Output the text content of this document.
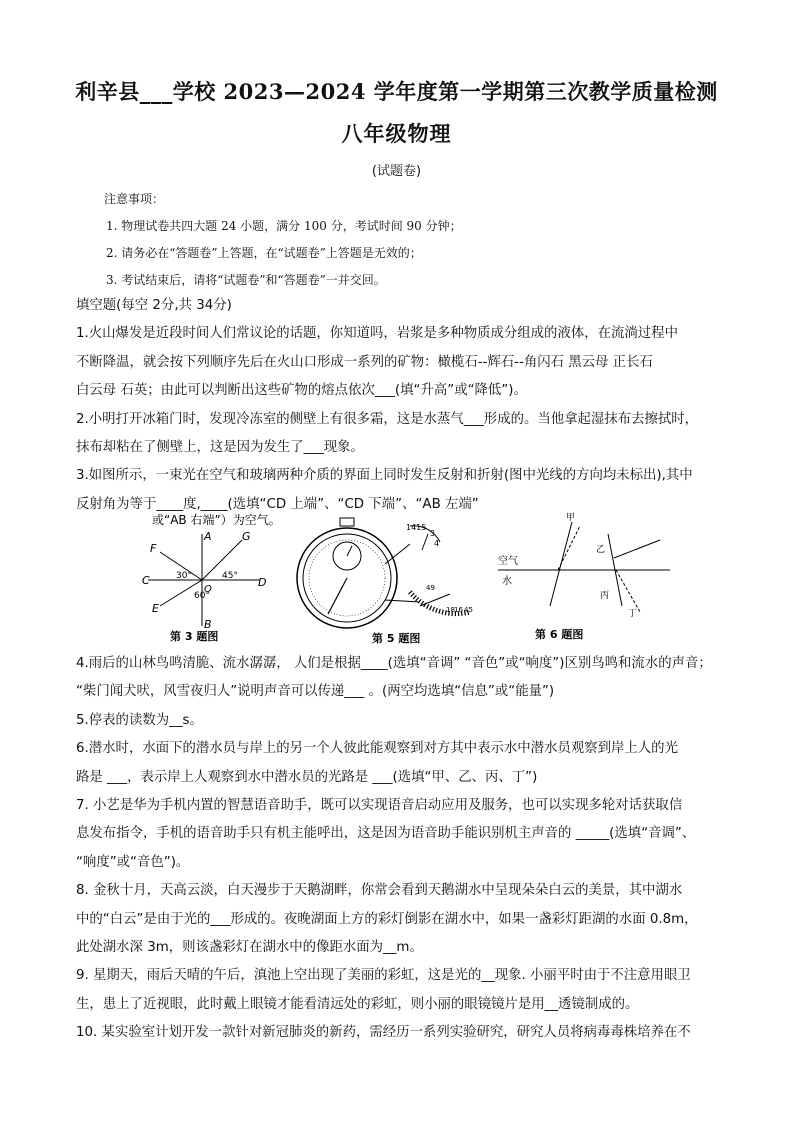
利辛县___学校 2023—2024 学年度第一学期第三次教学质量检测
八年级物理
(试题卷)
注意事项：
1. 物理试卷共四大题 24 小题，满分 100 分，考试时间 90 分钟；
2. 请务必在“答题卷”上答题，在“试题卷”上答题是无效的；
3. 考试结束后，请将“试题卷”和“答题卷”一并交回。
填空题(每空 2分,共 34分)
1.火山爆发是近段时间人们常议论的话题，你知道吗，岩浆是多种物质成分组成的液体，在流淌过程中
不断降温，就会按下列顺序先后在火山口形成一系列的矿物：橄榄石--辉石--角闪石 黑云母 正长石
白云母 石英；由此可以判断出这些矿物的熔点依次___(填“升高”或“降低”)。
2.小明打开冰箱门时，发现冷冻室的侧壁上有很多霜，这是水蒸气___形成的。当他拿起湿抹布去擦拭时，
抹布却粘在了侧壁上，这是因为发生了___现象。
3.如图所示，一束光在空气和玻璃两种介质的界面上同时发生反射和折射(图中光线的方向均未标出),其中
反射角为等于____度,____(选填“CD 上端”、“CD 下端”、“AB 左端”
或“AB 右端”）为空气。
F
A	G
C
O
D
E
B
30°	45°
60°
第 3 题图
1415
3
4
49
18 16 45
第 5 题图
空气
水
甲
乙
丙
丁
第 6 题图
4.雨后的山林鸟鸣清脆、流水潺潺， 人们是根据____(选填“音调” “音色”或“响度”)区别鸟鸣和流水的声音；
“柴门闻犬吠，风雪夜归人”说明声音可以传递___ 。(两空均选填“信息”或“能量”)
5.停表的读数为__s。
6.潜水时，水面下的潜水员与岸上的另一个人彼此能观察到对方其中表示水中潜水员观察到岸上人的光
路是 ___，表示岸上人观察到水中潜水员的光路是 ___(选填“甲、乙、丙、丁”)
7. 小艺是华为手机内置的智慧语音助手，既可以实现语音启动应用及服务，也可以实现多轮对话获取信
息发布指令，手机的语音助手只有机主能呼出，这是因为语音助手能识别机主声音的 _____(选填“音调”、
“响度”或“音色”)。
8. 金秋十月，天高云淡，白天漫步于天鹅湖畔，你常会看到天鹅湖水中呈现朵朵白云的美景，其中湖水
中的“白云”是由于光的___形成的。夜晚湖面上方的彩灯倒影在湖水中，如果一盏彩灯距湖的水面 0.8m，
此处湖水深 3m，则该盏彩灯在湖水中的像距水面为__m。
9. 星期天，雨后天晴的午后，滇池上空出现了美丽的彩虹，这是光的__现象. 小丽平时由于不注意用眼卫
生，患上了近视眼，此时戴上眼镜才能看清远处的彩虹，则小丽的眼镜镜片是用__透镜制成的。
10. 某实验室计划开发一款针对新冠肺炎的新药，需经历一系列实验研究，研究人员将病毒毒株培养在不
